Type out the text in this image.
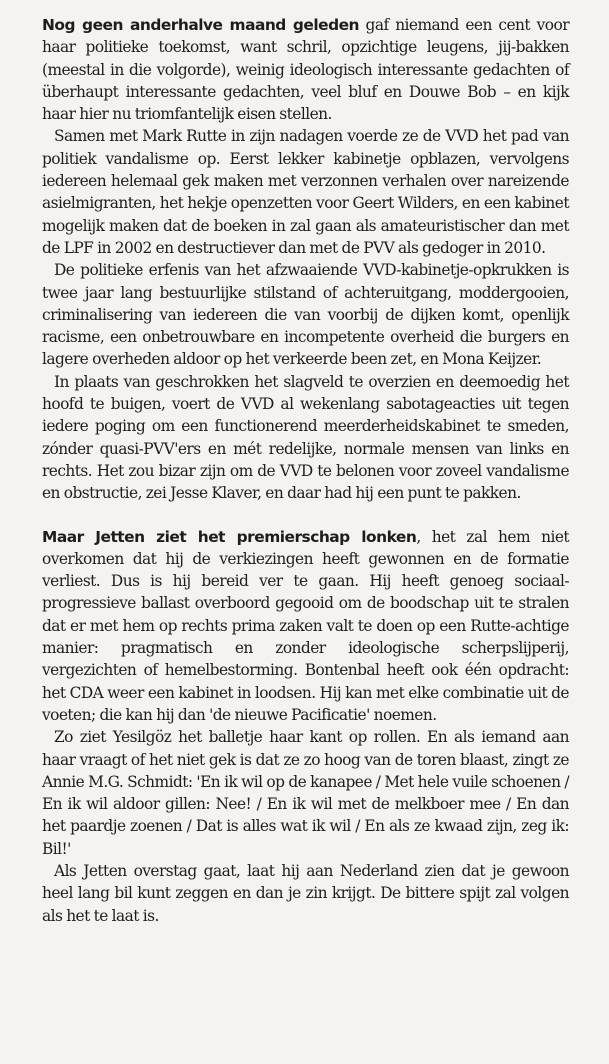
Nog geen anderhalve maand geleden gaf niemand een cent voor haar politieke toekomst, want schril, opzichtige leugens, jij-bakken (meestal in die volgorde), weinig ideologisch interessante gedachten of überhaupt interessante gedachten, veel bluf en Douwe Bob – en kijk haar hier nu triomfantelijk eisen stellen.

Samen met Mark Rutte in zijn nadagen voerde ze de VVD het pad van politiek vandalisme op. Eerst lekker kabinetje opblazen, vervolgens iedereen helemaal gek maken met verzonnen verhalen over nareizende asielmigranten, het hekje openzetten voor Geert Wilders, en een kabinet mogelijk maken dat de boeken in zal gaan als amateuristischer dan met de LPF in 2002 en destructiever dan met de PVV als gedoger in 2010.

De politieke erfenis van het afzwaaiende VVD-kabinetje-opkrukken is twee jaar lang bestuurlijke stilstand of achteruitgang, moddergooien, criminalisering van iedereen die van voorbij de dijken komt, openlijk racisme, een onbetrouwbare en incompetente overheid die burgers en lagere overheden aldoor op het verkeerde been zet, en Mona Keijzer.

In plaats van geschrokken het slagveld te overzien en deemoedig het hoofd te buigen, voert de VVD al wekenlang sabotageacties uit tegen iedere poging om een functionerend meerderheidskabinet te smeden, zónder quasi-PVV'ers en mét redelijke, normale mensen van links en rechts. Het zou bizar zijn om de VVD te belonen voor zoveel vandalisme en obstructie, zei Jesse Klaver, en daar had hij een punt te pakken.

Maar Jetten ziet het premierschap lonken, het zal hem niet overkomen dat hij de verkiezingen heeft gewonnen en de formatie verliest. Dus is hij bereid ver te gaan. Hij heeft genoeg sociaal-progressieve ballast overboord gegooid om de boodschap uit te stralen dat er met hem op rechts prima zaken valt te doen op een Rutte-achtige manier: pragmatisch en zonder ideologische scherpslijperij, vergezichten of hemelbestorming. Bontenbal heeft ook één opdracht: het CDA weer een kabinet in loodsen. Hij kan met elke combinatie uit de voeten; die kan hij dan 'de nieuwe Pacificatie' noemen.

Zo ziet Yesilgöz het balletje haar kant op rollen. En als iemand aan haar vraagt of het niet gek is dat ze zo hoog van de toren blaast, zingt ze Annie M.G. Schmidt: 'En ik wil op de kanapee / Met hele vuile schoenen / En ik wil aldoor gillen: Nee! / En ik wil met de melkboer mee / En dan het paardje zoenen / Dat is alles wat ik wil / En als ze kwaad zijn, zeg ik: Bil!'

Als Jetten overstag gaat, laat hij aan Nederland zien dat je gewoon heel lang bil kunt zeggen en dan je zin krijgt. De bittere spijt zal volgen als het te laat is.
